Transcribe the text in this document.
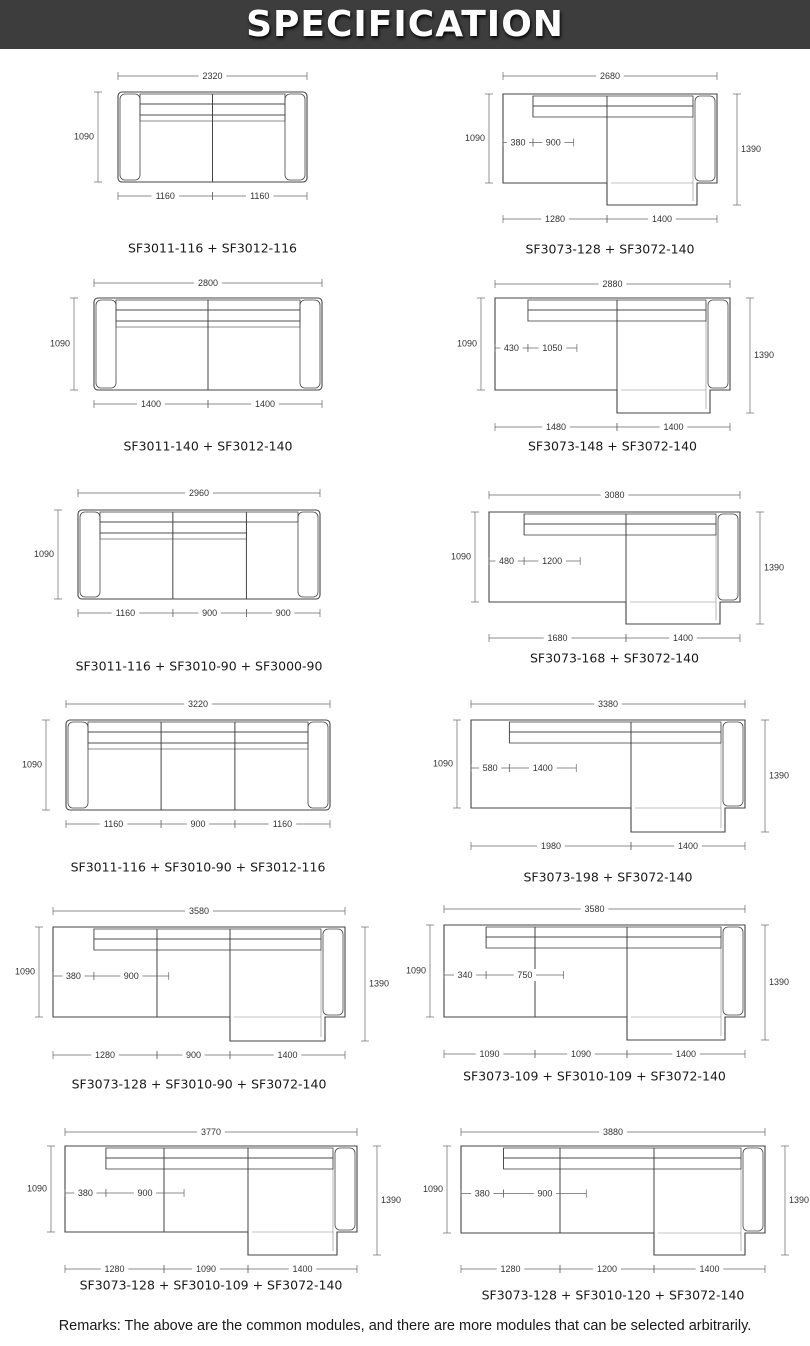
SPECIFICATION
2320
1090
1160	1160
SF3011-116 + SF3012-116
2680
1090
1390
380 900
1280	1400
SF3073-128 + SF3072-140
2800
1090
1400	1400
SF3011-140 + SF3012-140
2880
1090
1390
430	1050
1480	1400
SF3073-148 + SF3072-140
2960
1090
1160	900	900
SF3011-116 + SF3010-90 + SF3000-90
3080
1090
1390
480	1200
1680	1400
SF3073-168 + SF3072-140
3220
1090
1160	900	1160
SF3011-116 + SF3010-90 + SF3012-116
3380
1090
1390
580	1400
1980	1400
SF3073-198 + SF3072-140
3580
1090
1390
380	900
1280	900	1400
SF3073-128 + SF3010-90 + SF3072-140
3580
1090
1390
340	750
1090	1090	1400
SF3073-109 + SF3010-109 + SF3072-140
3770
1090
1390
380	900
1280	1090	1400
SF3073-128 + SF3010-109 + SF3072-140
3880
1090
1390
380	900
1280	1200	1400
SF3073-128 + SF3010-120 + SF3072-140
Remarks: The above are the common modules, and there are more modules that can be selected arbitrarily.
